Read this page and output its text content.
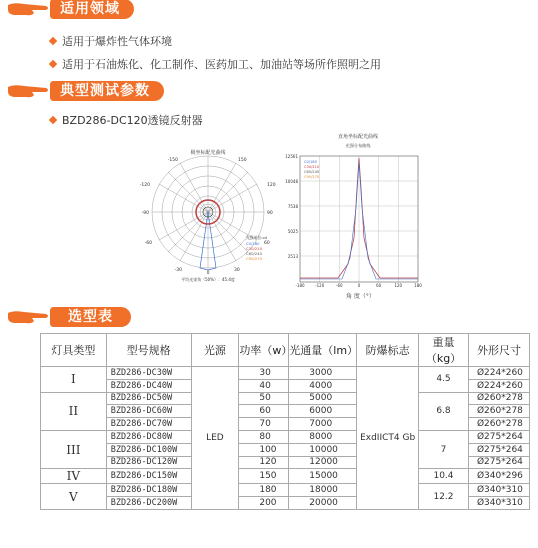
适用领域
适用于爆炸性气体环境
适用于石油炼化、化工制作、医药加工、加油站等场所作照明之用
典型测试参数
BZD286-DC120透镜反射器
极坐标配光曲线
-150	150
-120	120
-90	90
-60	60
-30
0
30
光强单位:cd
C0/180
C30/210
C60/240
C90/270
平均光束角（50%）：45.4度
直角坐标配光曲线
光强分布曲线
12561
10048
7538
5025
2513
-180	-120	-60	0	60	120	180
C0/180
C30/210
C60/240
C90/270
角 度（°）
选型表
灯具类型	型号规格	光源	功率（w）	光通量（lm）	防爆标志	重量（kg）	外形尺寸
I	BZD286-DC30W	LED	30	3000	ExdIICT4 Gb	4.5	Ø224*260
	BZD286-DC40W		40	4000			Ø224*260
II	BZD286-DC50W		50	5000		6.8	Ø260*278
	BZD286-DC60W		60	6000			Ø260*278
	BZD286-DC70W		70	7000			Ø260*278
III	BZD286-DC80W		80	8000		7	Ø275*264
	BZD286-DC100W		100	10000			Ø275*264
	BZD286-DC120W		120	12000			Ø275*264
IV	BZD286-DC150W		150	15000		10.4	Ø340*296
V	BZD286-DC180W		180	18000		12.2	Ø340*310
	BZD286-DC200W		200	20000			Ø340*310
